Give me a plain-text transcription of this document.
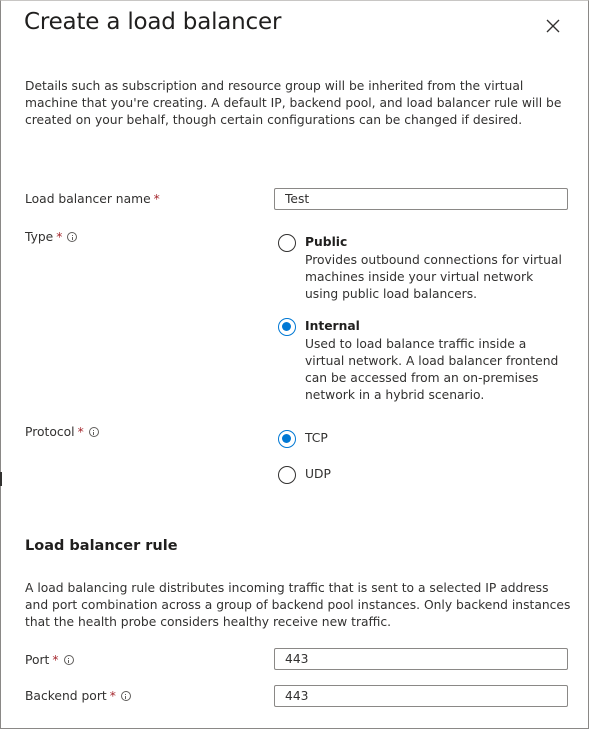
Create a load balancer
Details such as subscription and resource group will be inherited from the virtual machine that you're creating. A default IP, backend pool, and load balancer rule will be created on your behalf, though certain configurations can be changed if desired.
Load balancer name *
Test
Type *	Public
Provides outbound connections for virtual machines inside your virtual network using public load balancers.
Internal
Used to load balance traffic inside a virtual network. A load balancer frontend can be accessed from an on-premises network in a hybrid scenario.
Protocol *	TCP
UDP
Load balancer rule
A load balancing rule distributes incoming traffic that is sent to a selected IP address and port combination across a group of backend pool instances. Only backend instances that the health probe considers healthy receive new traffic.
Port *
443
Backend port *
443
